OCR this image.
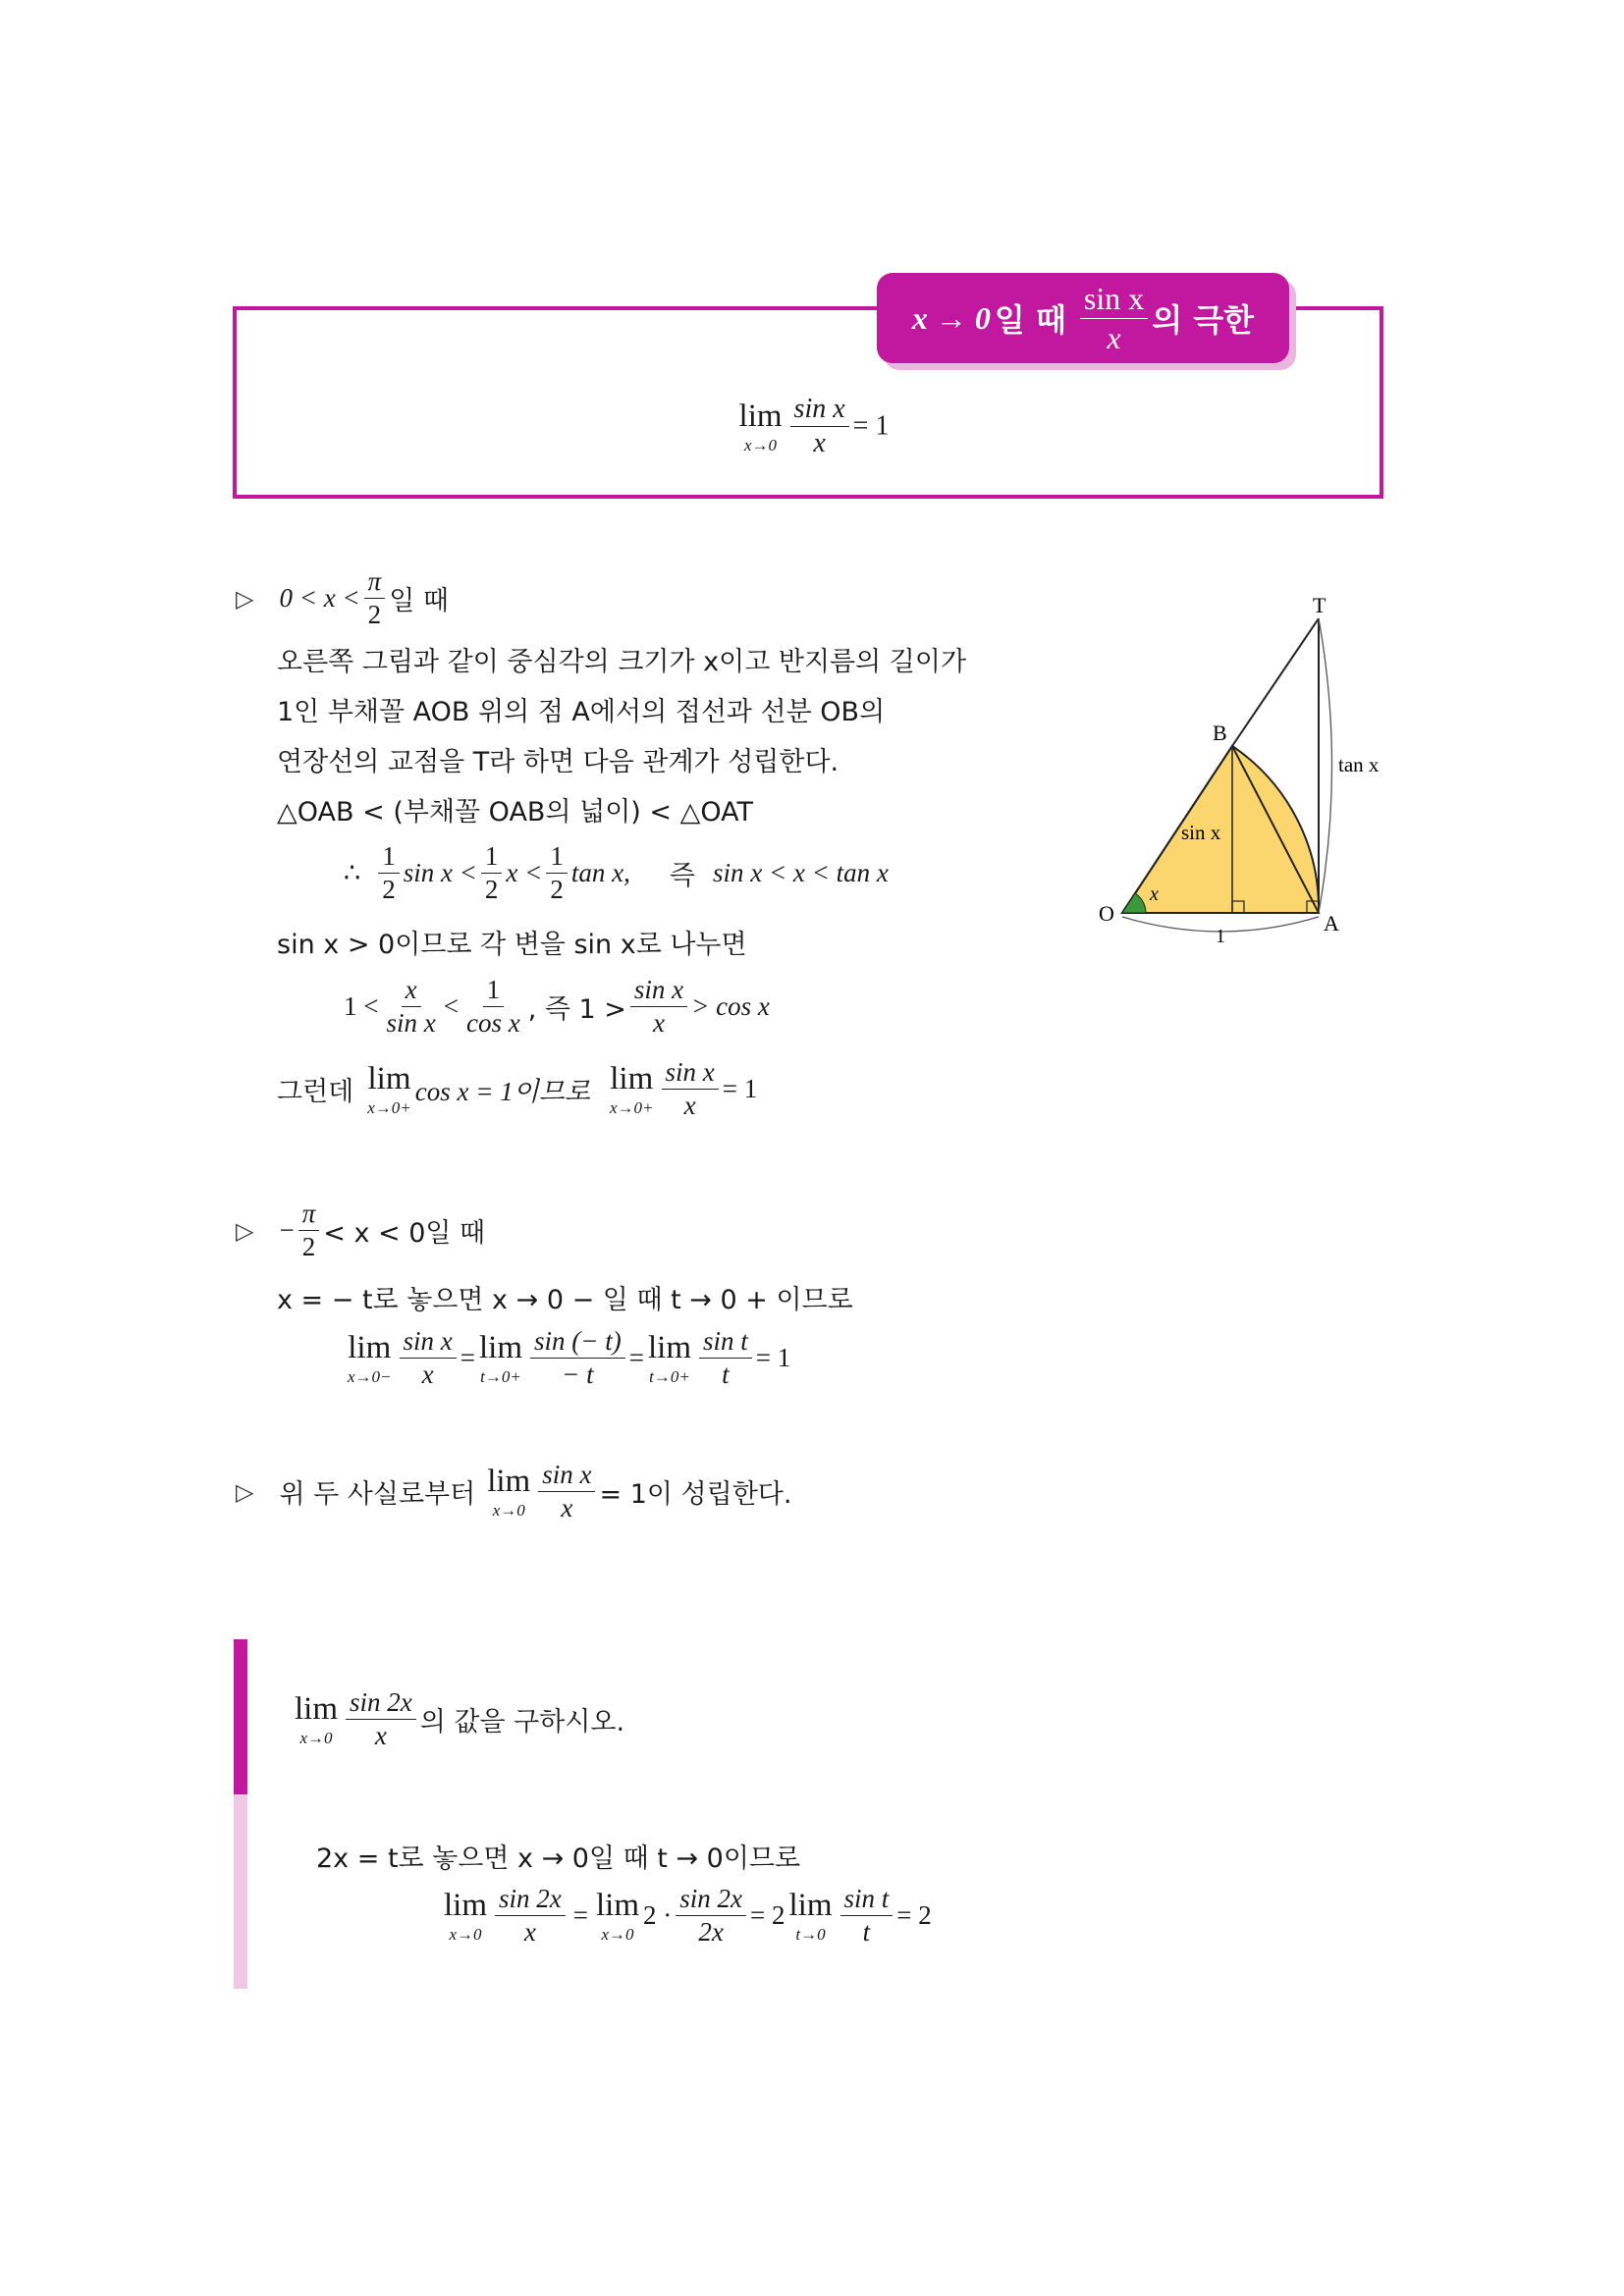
x → 0 일 때 $\frac{\text{sin x}}{x}$ 의 극한
lim
$x\to 0 \frac{\text{sin x}}{x} = 1$
▷ $0 < x < \frac{\pi}{2}$ 일 때
오른쪽 그림과 같이 중심각의 크기가 x이고 반지름의 길이가
1인 부채꼴 AOB 위의 점 A에서의 접선과 선분 OB의
연장선의 교점을 T라 하면 다음 관계가 성립한다.
△OAB < (부채꼴 OAB의 넓이) < △OAT
∴ $\frac{1}{2}$ $\sin x < \frac{1}{2}$ $x < \frac{1}{2}$ tan x, 즉 sin x < x < tan x
sin x > 0이므로 각 변을 sin x로 나누면
$1 < \frac{x}{\text{sin x}} < \frac{1}{\text{cos x}}$ , 즉 $1 > \frac{\text{sin x}}{x} > \cos x$
그런데 lim
x→0+
cos x = 1이므로 lim
$x\to 0+ \frac{\text{sin x}}{x} = 1$
T
B
O	A
tan x
sin x
x
1
▷ − $\frac{\pi}{2} < x < 0$일 때
x = − t로 놓으면 x → 0 − 일 때 t → 0 + 이므로
lim
$x\to 0- \frac{\text{sin x}}{x} = \lim$
$t\to 0+ \frac{\sin (- t)}{- t} = \lim$
$t\to 0+ \frac{\text{sin t}}{t} = 1$
▷ 위 두 사실로부터 lim
$x\to 0 \frac{\text{sin x}}{x} = 1$이 성립한다.
lim
$x\to 0 \frac{\sin 2x}{x}$ 의 값을 구하시오.
2x = t로 놓으면 x → 0일 때 t → 0이므로
lim
$x\to 0 \frac{\sin 2x}{x} = \lim$
x→0
$2 \cdot \frac{\sin 2x}{2x} = 2$ lim
$t\to 0 \frac{\text{sin t}}{t} = 2$
